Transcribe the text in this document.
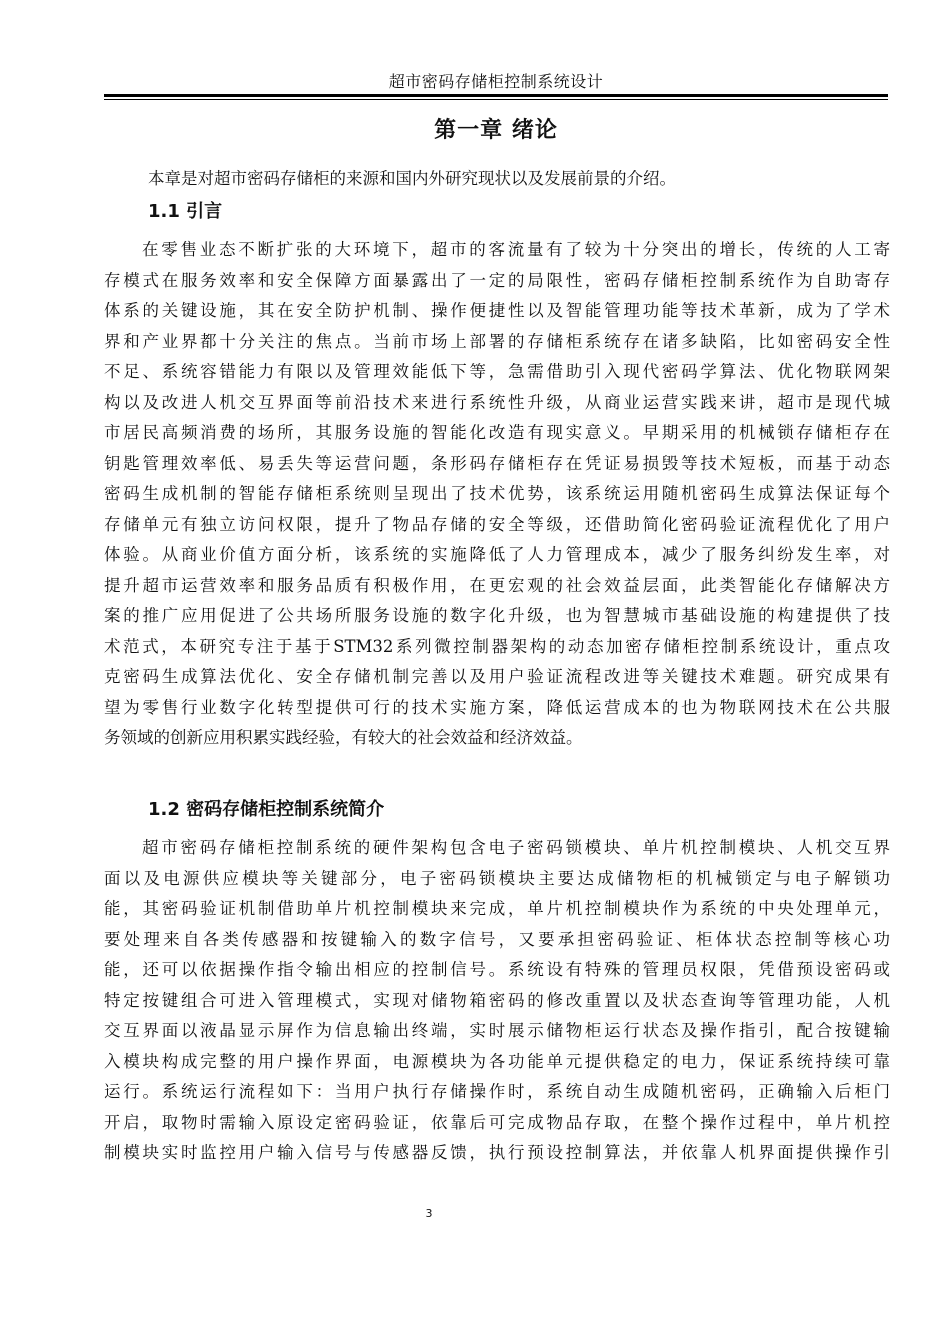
超市密码存储柜控制系统设计
第一章 绪论
本章是对超市密码存储柜的来源和国内外研究现状以及发展前景的介绍。
1.1 引言
在零售业态不断扩张的大环境下，超市的客流量有了较为十分突出的增长，传统的人工寄
存模式在服务效率和安全保障方面暴露出了一定的局限性，密码存储柜控制系统作为自助寄存
体系的关键设施，其在安全防护机制、操作便捷性以及智能管理功能等技术革新，成为了学术
界和产业界都十分关注的焦点。当前市场上部署的存储柜系统存在诸多缺陷，比如密码安全性
不足、系统容错能力有限以及管理效能低下等，急需借助引入现代密码学算法、优化物联网架
构以及改进人机交互界面等前沿技术来进行系统性升级，从商业运营实践来讲，超市是现代城
市居民高频消费的场所，其服务设施的智能化改造有现实意义。早期采用的机械锁存储柜存在
钥匙管理效率低、易丢失等运营问题，条形码存储柜存在凭证易损毁等技术短板，而基于动态
密码生成机制的智能存储柜系统则呈现出了技术优势，该系统运用随机密码生成算法保证每个
存储单元有独立访问权限，提升了物品存储的安全等级，还借助简化密码验证流程优化了用户
体验。从商业价值方面分析，该系统的实施降低了人力管理成本，减少了服务纠纷发生率，对
提升超市运营效率和服务品质有积极作用，在更宏观的社会效益层面，此类智能化存储解决方
案的推广应用促进了公共场所服务设施的数字化升级，也为智慧城市基础设施的构建提供了技
术范式，本研究专注于基于STM32系列微控制器架构的动态加密存储柜控制系统设计，重点攻
克密码生成算法优化、安全存储机制完善以及用户验证流程改进等关键技术难题。研究成果有
望为零售行业数字化转型提供可行的技术实施方案，降低运营成本的也为物联网技术在公共服
务领域的创新应用积累实践经验，有较大的社会效益和经济效益。
1.2 密码存储柜控制系统简介
超市密码存储柜控制系统的硬件架构包含电子密码锁模块、单片机控制模块、人机交互界
面以及电源供应模块等关键部分，电子密码锁模块主要达成储物柜的机械锁定与电子解锁功
能，其密码验证机制借助单片机控制模块来完成，单片机控制模块作为系统的中央处理单元，
要处理来自各类传感器和按键输入的数字信号，又要承担密码验证、柜体状态控制等核心功
能，还可以依据操作指令输出相应的控制信号。系统设有特殊的管理员权限，凭借预设密码或
特定按键组合可进入管理模式，实现对储物箱密码的修改重置以及状态查询等管理功能，人机
交互界面以液晶显示屏作为信息输出终端，实时展示储物柜运行状态及操作指引，配合按键输
入模块构成完整的用户操作界面，电源模块为各功能单元提供稳定的电力，保证系统持续可靠
运行。系统运行流程如下：当用户执行存储操作时，系统自动生成随机密码，正确输入后柜门
开启，取物时需输入原设定密码验证，依靠后可完成物品存取，在整个操作过程中，单片机控
制模块实时监控用户输入信号与传感器反馈，执行预设控制算法，并依靠人机界面提供操作引
3
